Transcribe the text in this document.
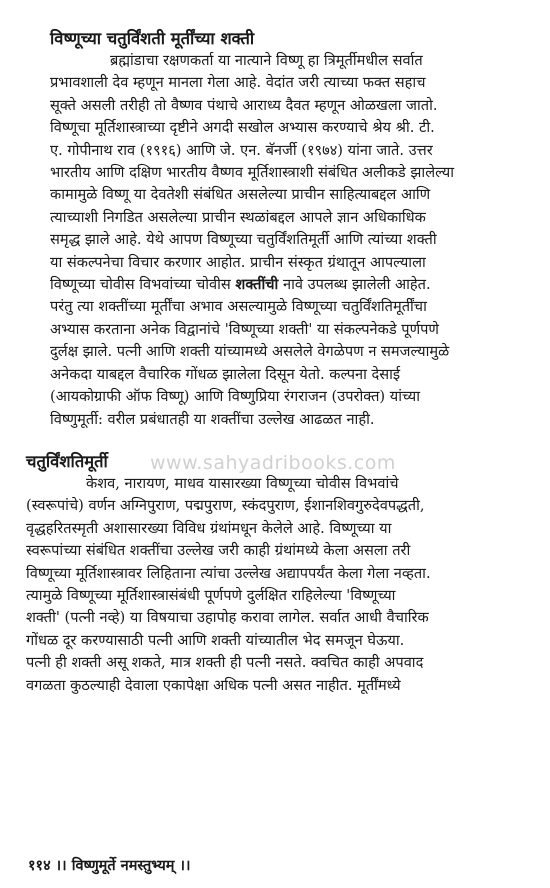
www.sahyadribooks.com
विष्णूच्या चतुर्विंशती मूर्तींच्या शक्ती

ब्रह्मांडाचा रक्षणकर्ता या नात्याने विष्णू हा त्रिमूर्तीमधील सर्वात

प्रभावशाली देव म्हणून मानला गेला आहे. वेदांत जरी त्याच्या फक्त सहाच

सूक्ते असली तरीही तो वैष्णव पंथाचे आराध्य दैवत म्हणून ओळखला जातो.

विष्णूचा मूर्तिशास्त्राच्या दृष्टीने अगदी सखोल अभ्यास करण्याचे श्रेय श्री. टी.

ए. गोपीनाथ राव (१९१६) आणि जे. एन. बॅनर्जी (१९७४) यांना जाते. उत्तर

भारतीय आणि दक्षिण भारतीय वैष्णव मूर्तिशास्त्राशी संबंधित अलीकडे झालेल्या

कामामुळे विष्णू या देवतेशी संबंधित असलेल्या प्राचीन साहित्याबद्दल आणि

त्याच्याशी निगडित असलेल्या प्राचीन स्थळांबद्दल आपले ज्ञान अधिकाधिक

समृद्ध झाले आहे. येथे आपण विष्णूच्या चतुर्विंशतिमूर्ती आणि त्यांच्या शक्ती

या संकल्पनेचा विचार करणार आहोत. प्राचीन संस्कृत ग्रंथातून आपल्याला

विष्णूच्या चोवीस विभवांच्या चोवीस शक्तींची नावे उपलब्ध झालेली आहेत.

परंतु त्या शक्तींच्या मूर्तींचा अभाव असल्यामुळे विष्णूच्या चतुर्विंशतिमूर्तींचा

अभ्यास करताना अनेक विद्वानांचे 'विष्णूच्या शक्ती' या संकल्पनेकडे पूर्णपणे

दुर्लक्ष झाले. पत्नी आणि शक्ती यांच्यामध्ये असलेले वेगळेपण न समजल्यामुळे

अनेकदा याबद्दल वैचारिक गोंधळ झालेला दिसून येतो. कल्पना देसाई

(आयकोग्राफी ऑफ विष्णू) आणि विष्णुप्रिया रंगराजन (उपरोक्त) यांच्या

विष्णुमूर्ती: वरील प्रबंधातही या शक्तींचा उल्लेख आढळत नाही.

चतुर्विंशतिमूर्ती

केशव, नारायण, माधव यासारख्या विष्णूच्या चोवीस विभवांचे

(स्वरूपांचे) वर्णन अग्निपुराण, पद्मपुराण, स्कंदपुराण, ईशानशिवगुरुदेवपद्धती,

वृद्धहरितस्मृती अशासारख्या विविध ग्रंथांमधून केलेले आहे. विष्णूच्या या

स्वरूपांच्या संबंधित शक्तींचा उल्लेख जरी काही ग्रंथांमध्ये केला असला तरी

विष्णूच्या मूर्तिशास्त्रावर लिहिताना त्यांचा उल्लेख अद्यापपर्यंत केला गेला नव्हता.

त्यामुळे विष्णूच्या मूर्तिशास्त्रासंबंधी पूर्णपणे दुर्लक्षित राहिलेल्या 'विष्णूच्या

शक्ती' (पत्नी नव्हे) या विषयाचा उहापोह करावा लागेल. सर्वात आधी वैचारिक

गोंधळ दूर करण्यासाठी पत्नी आणि शक्ती यांच्यातील भेद समजून घेऊया.

पत्नी ही शक्ती असू शकते, मात्र शक्ती ही पत्नी नसते. क्वचित काही अपवाद

वगळता कुठल्याही देवाला एकापेक्षा अधिक पत्नी असत नाहीत. मूर्तींमध्ये

११४ ।। विष्णुमूर्ते नमस्तुभ्यम् ।।
